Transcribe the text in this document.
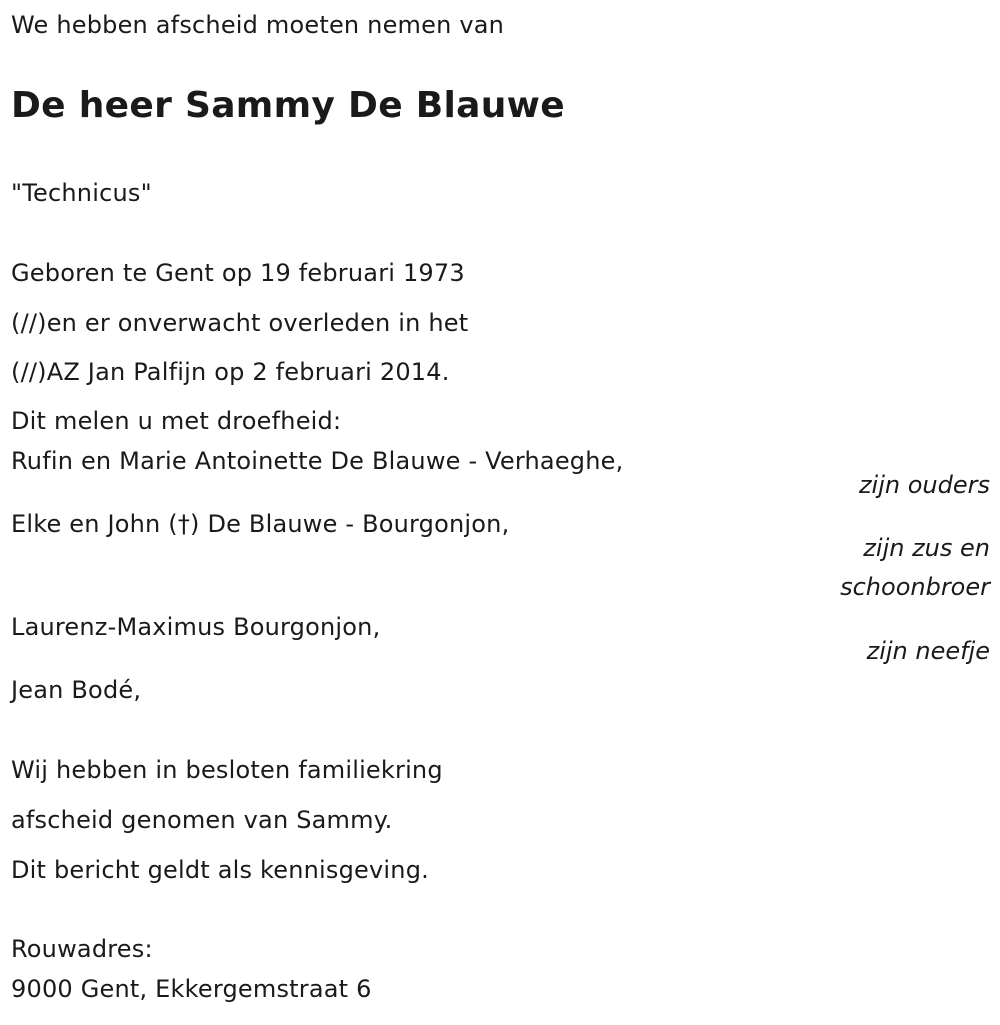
We hebben afscheid moeten nemen van
De heer Sammy De Blauwe
"Technicus"
Geboren te Gent op 19 februari 1973
(//)en er onverwacht overleden in het
(//)AZ Jan Palfijn op 2 februari 2014.
Dit melen u met droefheid:
Rufin en Marie Antoinette De Blauwe - Verhaeghe,
zijn ouders
Elke en John (†) De Blauwe - Bourgonjon,
zijn zus en
schoonbroer
Laurenz-Maximus Bourgonjon,
zijn neefje
Jean Bodé,
Wij hebben in besloten familiekring
afscheid genomen van Sammy.
Dit bericht geldt als kennisgeving.
Rouwadres:
9000 Gent, Ekkergemstraat 6
